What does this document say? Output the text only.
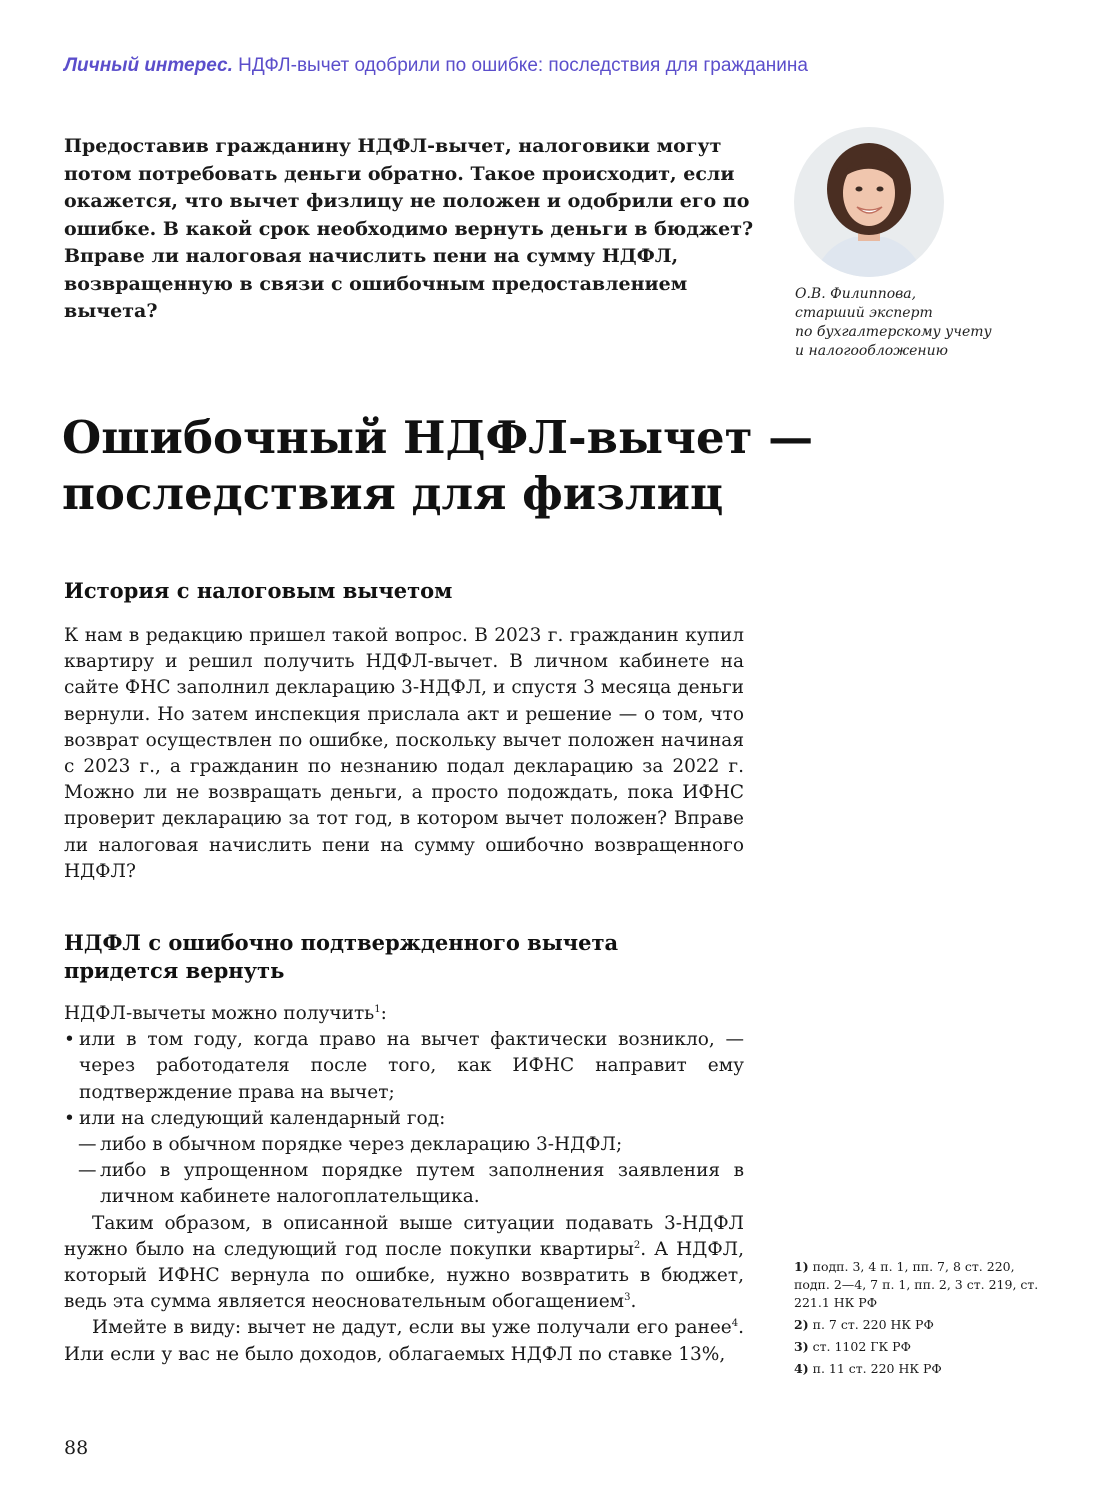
Личный интерес. НДФЛ-вычет одобрили по ошибке: последствия для гражданина
Предоставив гражданину НДФЛ-вычет, налоговики могут потом потребовать деньги обратно. Такое происходит, если окажется, что вычет физлицу не положен и одобрили его по ошибке. В какой срок необходимо вернуть деньги в бюджет? Вправе ли налоговая начислить пени на сумму НДФЛ, возвращенную в связи с ошибочным предоставлением вычета?
О.В. Филиппова,
старший эксперт
по бухгалтерскому учету
и налогообложению
Ошибочный НДФЛ-вычет —
последствия для физлиц
История с налоговым вычетом

К нам в редакцию пришел такой вопрос. В 2023 г. гражданин купил квартиру и решил получить НДФЛ-вычет. В личном кабинете на сайте ФНС заполнил декларацию 3-НДФЛ, и спустя 3 месяца деньги вернули. Но затем инспекция прислала акт и решение — о том, что возврат осуществлен по ошибке, поскольку вычет положен начиная с 2023 г., а гражданин по незнанию подал декларацию за 2022 г. Можно ли не возвращать деньги, а просто подождать, пока ИФНС проверит декларацию за тот год, в котором вычет положен? Вправе ли налоговая начислить пени на сумму ошибочно возвращенного НДФЛ?

НДФЛ с ошибочно подтвержденного вычета
придется вернуть

НДФЛ-вычеты можно получить$^1$:

• или в том году, когда право на вычет фактически возникло, — через работодателя после того, как ИФНС направит ему подтверждение права на вычет;

• или на следующий календарный год:

— либо в обычном порядке через декларацию 3-НДФЛ;

— либо в упрощенном порядке путем заполнения заявления в личном кабинете налогоплательщика.

Таким образом, в описанной выше ситуации подавать 3-НДФЛ нужно было на следующий год после покупки квартиры$^2$. А НДФЛ, который ИФНС вернула по ошибке, нужно возвратить в бюджет, ведь эта сумма является неосновательным обогащением$^3$.

Имейте в виду: вычет не дадут, если вы уже получали его ранее$^4$. Или если у вас не было доходов, облагаемых НДФЛ по ставке 13%,

1) подп. 3, 4 п. 1, пп. 7, 8 ст. 220, подп. 2—4, 7 п. 1, пп. 2, 3 ст. 219, ст. 221.1 НК РФ
2) п. 7 ст. 220 НК РФ
3) ст. 1102 ГК РФ
4) п. 11 ст. 220 НК РФ
88
